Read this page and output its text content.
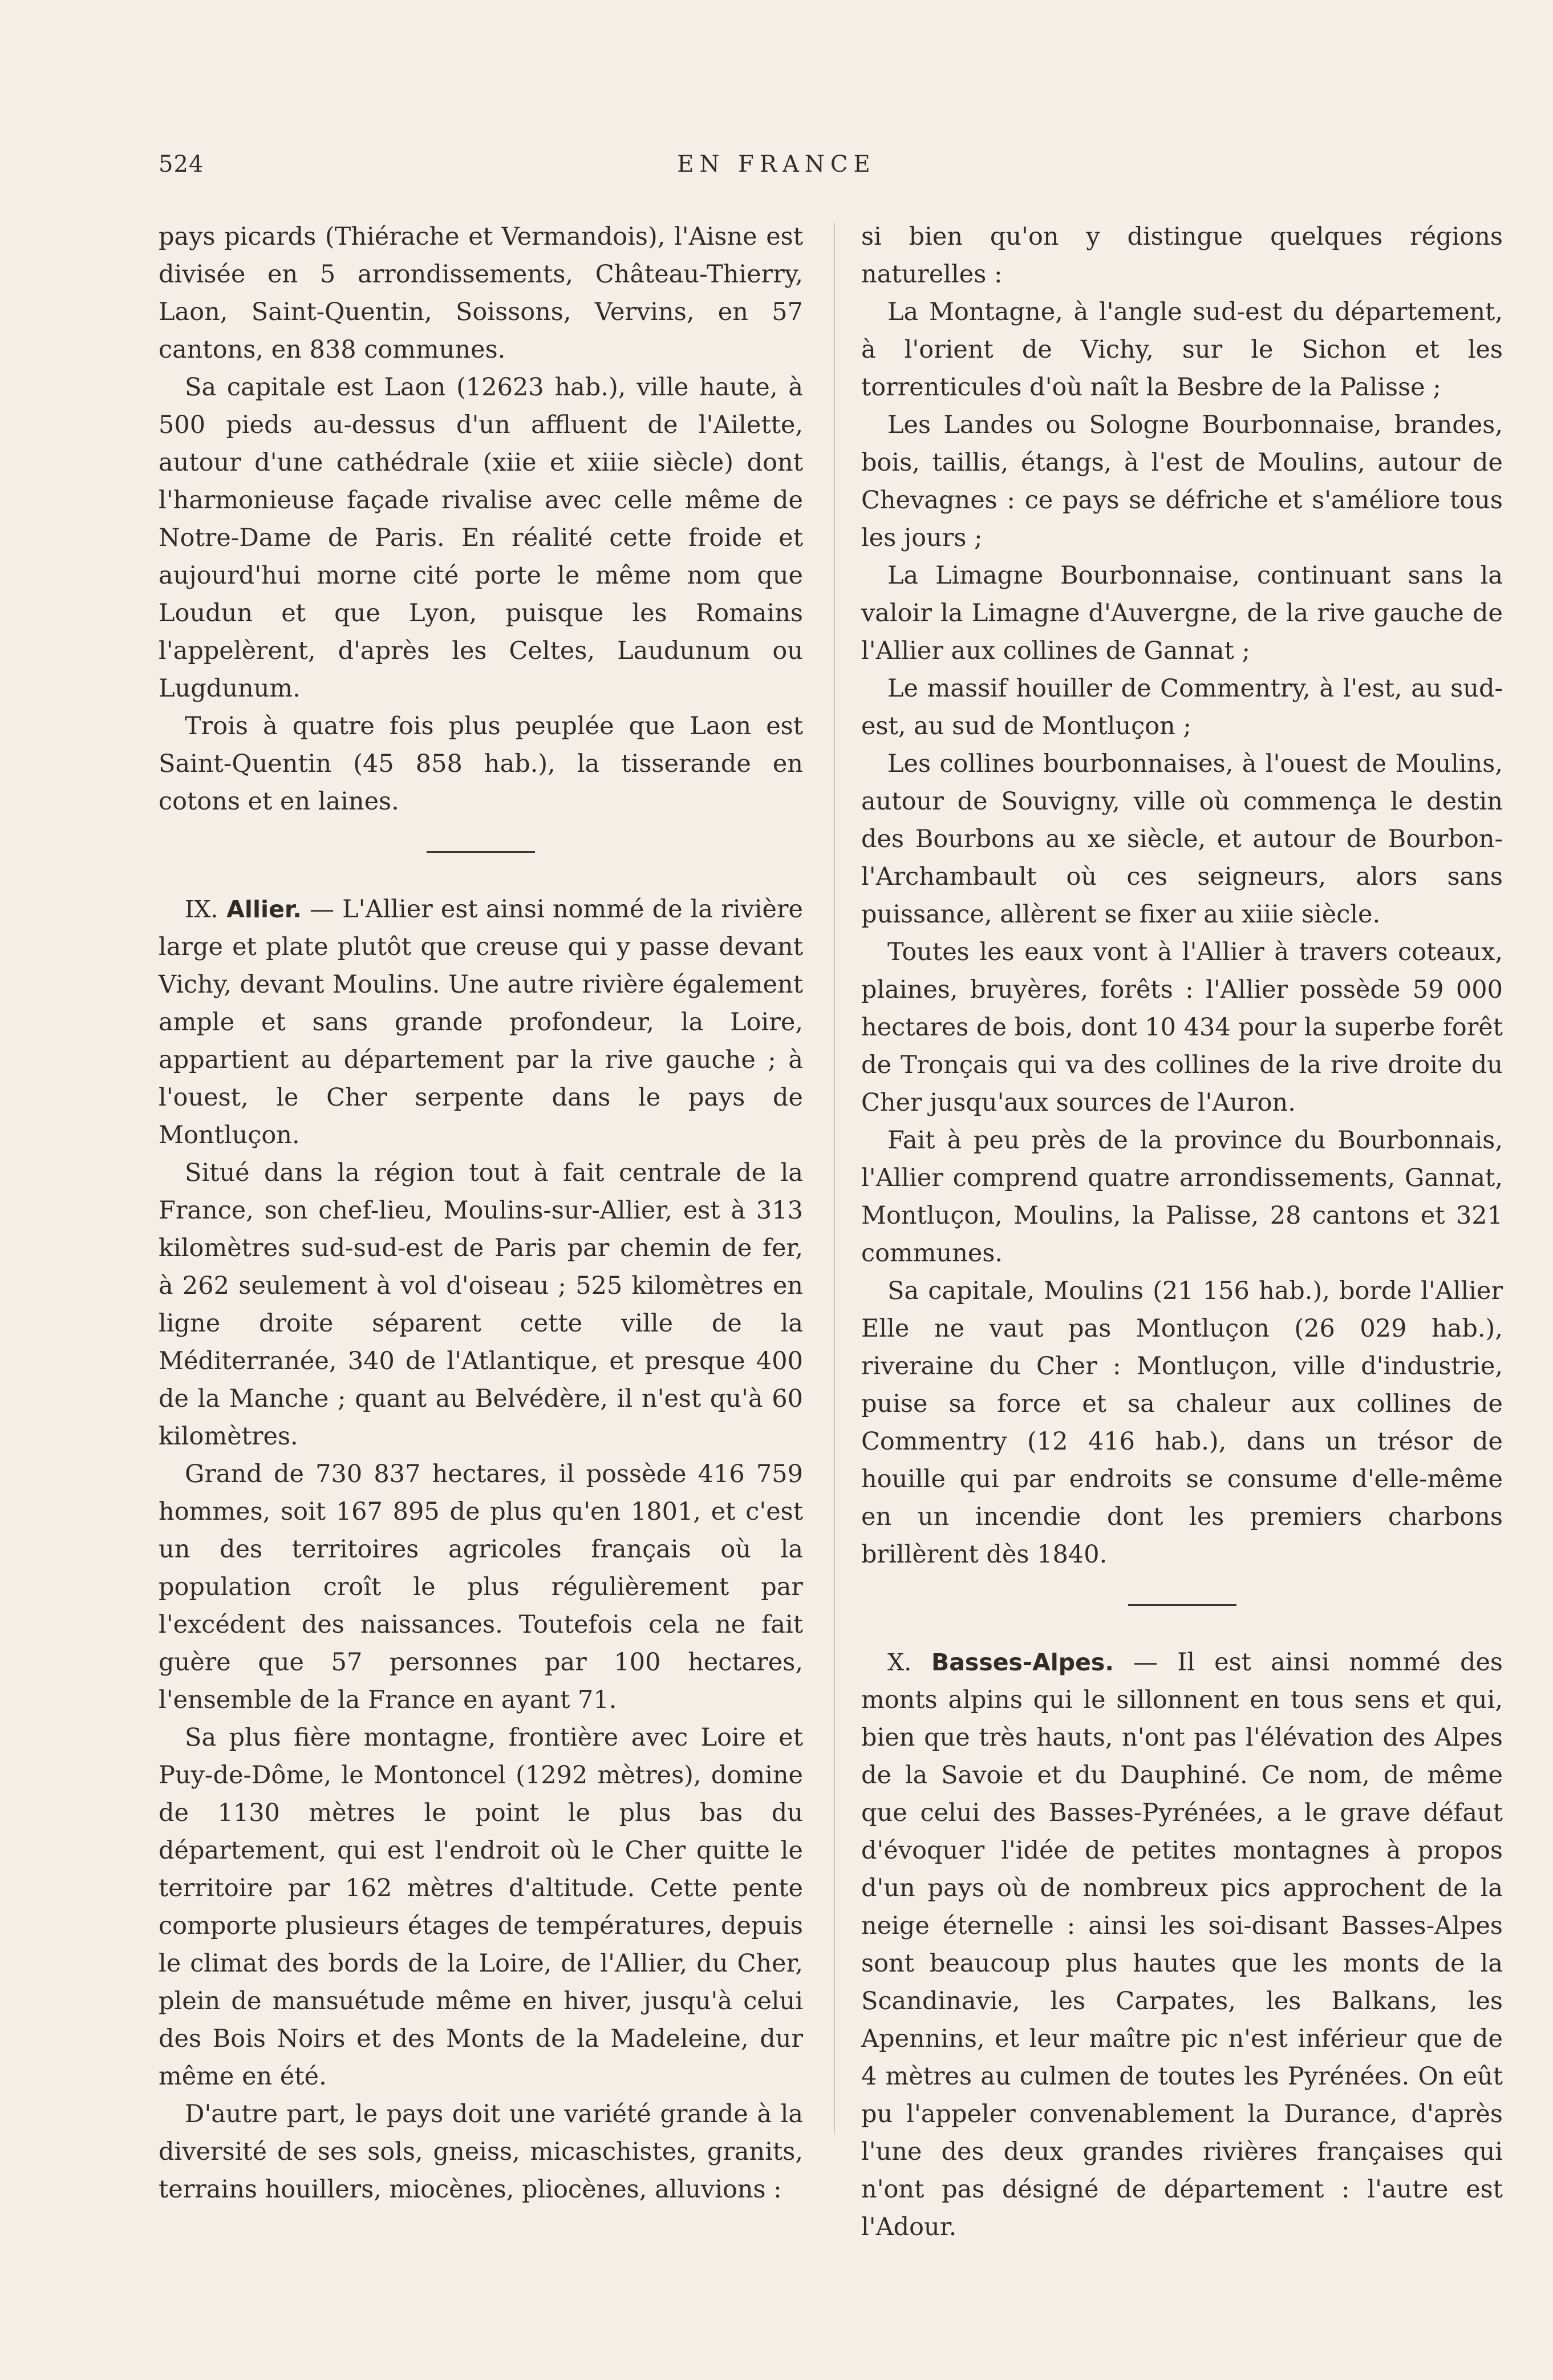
524	EN FRANCE

pays picards (Thiérache et Vermandois), l'Aisne est divisée en 5 arrondissements, Château-Thierry, Laon, Saint-Quentin, Soissons, Vervins, en 57 cantons, en 838 communes.

Sa capitale est Laon (12623 hab.), ville haute, à 500 pieds au-dessus d'un affluent de l'Ailette, autour d'une cathédrale (xiie et xiiie siècle) dont l'harmonieuse façade rivalise avec celle même de Notre-Dame de Paris. En réalité cette froide et aujourd'hui morne cité porte le même nom que Loudun et que Lyon, puisque les Romains l'appelèrent, d'après les Celtes, Laudunum ou Lugdunum.

Trois à quatre fois plus peuplée que Laon est Saint-Quentin (45 858 hab.), la tisserande en cotons et en laines.

IX. Allier. — L'Allier est ainsi nommé de la rivière large et plate plutôt que creuse qui y passe devant Vichy, devant Moulins. Une autre rivière également ample et sans grande profondeur, la Loire, appartient au département par la rive gauche ; à l'ouest, le Cher serpente dans le pays de Montluçon.

Situé dans la région tout à fait centrale de la France, son chef-lieu, Moulins-sur-Allier, est à 313 kilomètres sud-sud-est de Paris par chemin de fer, à 262 seulement à vol d'oiseau ; 525 kilomètres en ligne droite séparent cette ville de la Méditerranée, 340 de l'Atlantique, et presque 400 de la Manche ; quant au Belvédère, il n'est qu'à 60 kilomètres.

Grand de 730 837 hectares, il possède 416 759 hommes, soit 167 895 de plus qu'en 1801, et c'est un des territoires agricoles français où la population croît le plus régulièrement par l'excédent des naissances. Toutefois cela ne fait guère que 57 personnes par 100 hectares, l'ensemble de la France en ayant 71.

Sa plus fière montagne, frontière avec Loire et Puy-de-Dôme, le Montoncel (1292 mètres), domine de 1130 mètres le point le plus bas du département, qui est l'endroit où le Cher quitte le territoire par 162 mètres d'altitude. Cette pente comporte plusieurs étages de températures, depuis le climat des bords de la Loire, de l'Allier, du Cher, plein de mansuétude même en hiver, jusqu'à celui des Bois Noirs et des Monts de la Madeleine, dur même en été.

D'autre part, le pays doit une variété grande à la diversité de ses sols, gneiss, micaschistes, granits, terrains houillers, miocènes, pliocènes, alluvions :

si bien qu'on y distingue quelques régions naturelles :

La Montagne, à l'angle sud-est du département, à l'orient de Vichy, sur le Sichon et les torrenticules d'où naît la Besbre de la Palisse ;

Les Landes ou Sologne Bourbonnaise, brandes, bois, taillis, étangs, à l'est de Moulins, autour de Chevagnes : ce pays se défriche et s'améliore tous les jours ;

La Limagne Bourbonnaise, continuant sans la valoir la Limagne d'Auvergne, de la rive gauche de l'Allier aux collines de Gannat ;

Le massif houiller de Commentry, à l'est, au sud-est, au sud de Montluçon ;

Les collines bourbonnaises, à l'ouest de Moulins, autour de Souvigny, ville où commença le destin des Bourbons au xe siècle, et autour de Bourbon-l'Archambault où ces seigneurs, alors sans puissance, allèrent se fixer au xiiie siècle.

Toutes les eaux vont à l'Allier à travers coteaux, plaines, bruyères, forêts : l'Allier possède 59 000 hectares de bois, dont 10 434 pour la superbe forêt de Tronçais qui va des collines de la rive droite du Cher jusqu'aux sources de l'Auron.

Fait à peu près de la province du Bourbonnais, l'Allier comprend quatre arrondissements, Gannat, Montluçon, Moulins, la Palisse, 28 cantons et 321 communes.

Sa capitale, Moulins (21 156 hab.), borde l'Allier Elle ne vaut pas Montluçon (26 029 hab.), riveraine du Cher : Montluçon, ville d'industrie, puise sa force et sa chaleur aux collines de Commentry (12 416 hab.), dans un trésor de houille qui par endroits se consume d'elle-même en un incendie dont les premiers charbons brillèrent dès 1840.

X. Basses-Alpes. — Il est ainsi nommé des monts alpins qui le sillonnent en tous sens et qui, bien que très hauts, n'ont pas l'élévation des Alpes de la Savoie et du Dauphiné. Ce nom, de même que celui des Basses-Pyrénées, a le grave défaut d'évoquer l'idée de petites montagnes à propos d'un pays où de nombreux pics approchent de la neige éternelle : ainsi les soi-disant Basses-Alpes sont beaucoup plus hautes que les monts de la Scandinavie, les Carpates, les Balkans, les Apennins, et leur maître pic n'est inférieur que de 4 mètres au culmen de toutes les Pyrénées. On eût pu l'appeler convenablement la Durance, d'après l'une des deux grandes rivières françaises qui n'ont pas désigné de département : l'autre est l'Adour.
